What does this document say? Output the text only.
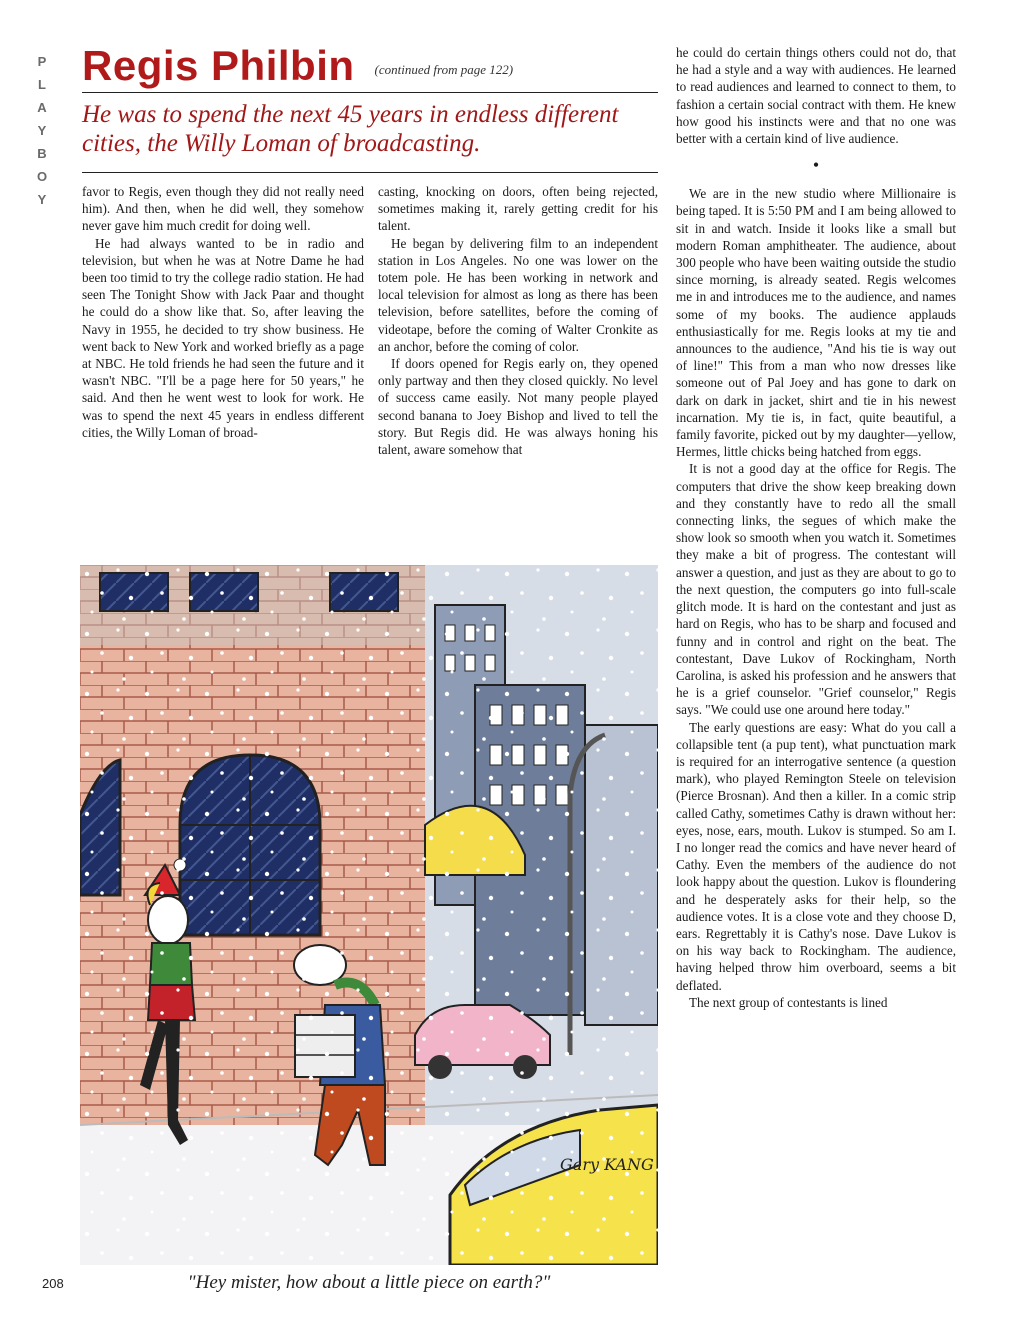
P
L
A
Y
B
O
Y
Regis Philbin (continued from page 122)
He was to spend the next 45 years in endless different cities, the Willy Loman of broadcasting.

favor to Regis, even though they did not really need him). And then, when he did well, they somehow never gave him much credit for doing well.

He had always wanted to be in radio and television, but when he was at Notre Dame he had been too timid to try the college radio station. He had seen The Tonight Show with Jack Paar and thought he could do a show like that. So, after leaving the Navy in 1955, he decided to try show business. He went back to New York and worked briefly as a page at NBC. He told friends he had seen the future and it wasn't NBC. "I'll be a page here for 50 years," he said. And then he went west to look for work. He was to spend the next 45 years in endless different cities, the Willy Loman of broad-

casting, knocking on doors, often being rejected, sometimes making it, rarely getting credit for his talent.

He began by delivering film to an independent station in Los Angeles. No one was lower on the totem pole. He has been working in network and local television for almost as long as there has been television, before satellites, before the coming of videotape, before the coming of Walter Cronkite as an anchor, before the coming of color.

If doors opened for Regis early on, they opened only partway and then they closed quickly. No level of success came easily. Not many people played second banana to Joey Bishop and lived to tell the story. But Regis did. He was always honing his talent, aware somehow that

he could do certain things others could not do, that he had a style and a way with audiences. He learned to read audiences and learned to connect to them, to fashion a certain social contract with them. He knew how good his instincts were and that no one was better with a certain kind of live audience.

•

We are in the new studio where Millionaire is being taped. It is 5:50 PM and I am being allowed to sit in and watch. Inside it looks like a small but modern Roman amphitheater. The audience, about 300 people who have been waiting outside the studio since morning, is already seated. Regis welcomes me in and introduces me to the audience, and names some of my books. The audience applauds enthusiastically for me. Regis looks at my tie and announces to the audience, "And his tie is way out of line!" This from a man who now dresses like someone out of Pal Joey and has gone to dark on dark on dark in jacket, shirt and tie in his newest incarnation. My tie is, in fact, quite beautiful, a family favorite, picked out by my daughter—yellow, Hermes, little chicks being hatched from eggs.

It is not a good day at the office for Regis. The computers that drive the show keep breaking down and they constantly have to redo all the small connecting links, the segues of which make the show look so smooth when you watch it. Sometimes they make a bit of progress. The contestant will answer a question, and just as they are about to go to the next question, the computers go into full-scale glitch mode. It is hard on the contestant and just as hard on Regis, who has to be sharp and focused and funny and in control and right on the beat. The contestant, Dave Lukov of Rockingham, North Carolina, is asked his profession and he answers that he is a grief counselor. "Grief counselor," Regis says. "We could use one around here today."

The early questions are easy: What do you call a collapsible tent (a pup tent), what punctuation mark is required for an interrogative sentence (a question mark), who played Remington Steele on television (Pierce Brosnan). And then a killer. In a comic strip called Cathy, sometimes Cathy is drawn without her: eyes, nose, ears, mouth. Lukov is stumped. So am I. I no longer read the comics and have never heard of Cathy. Even the members of the audience do not look happy about the question. Lukov is floundering and he desperately asks for their help, so the audience votes. It is a close vote and they choose D, ears. Regrettably it is Cathy's nose. Dave Lukov is on his way back to Rockingham. The audience, having helped throw him overboard, seems a bit deflated.

The next group of contestants is lined

Gary KANG
"Hey mister, how about a little piece on earth?"
208
